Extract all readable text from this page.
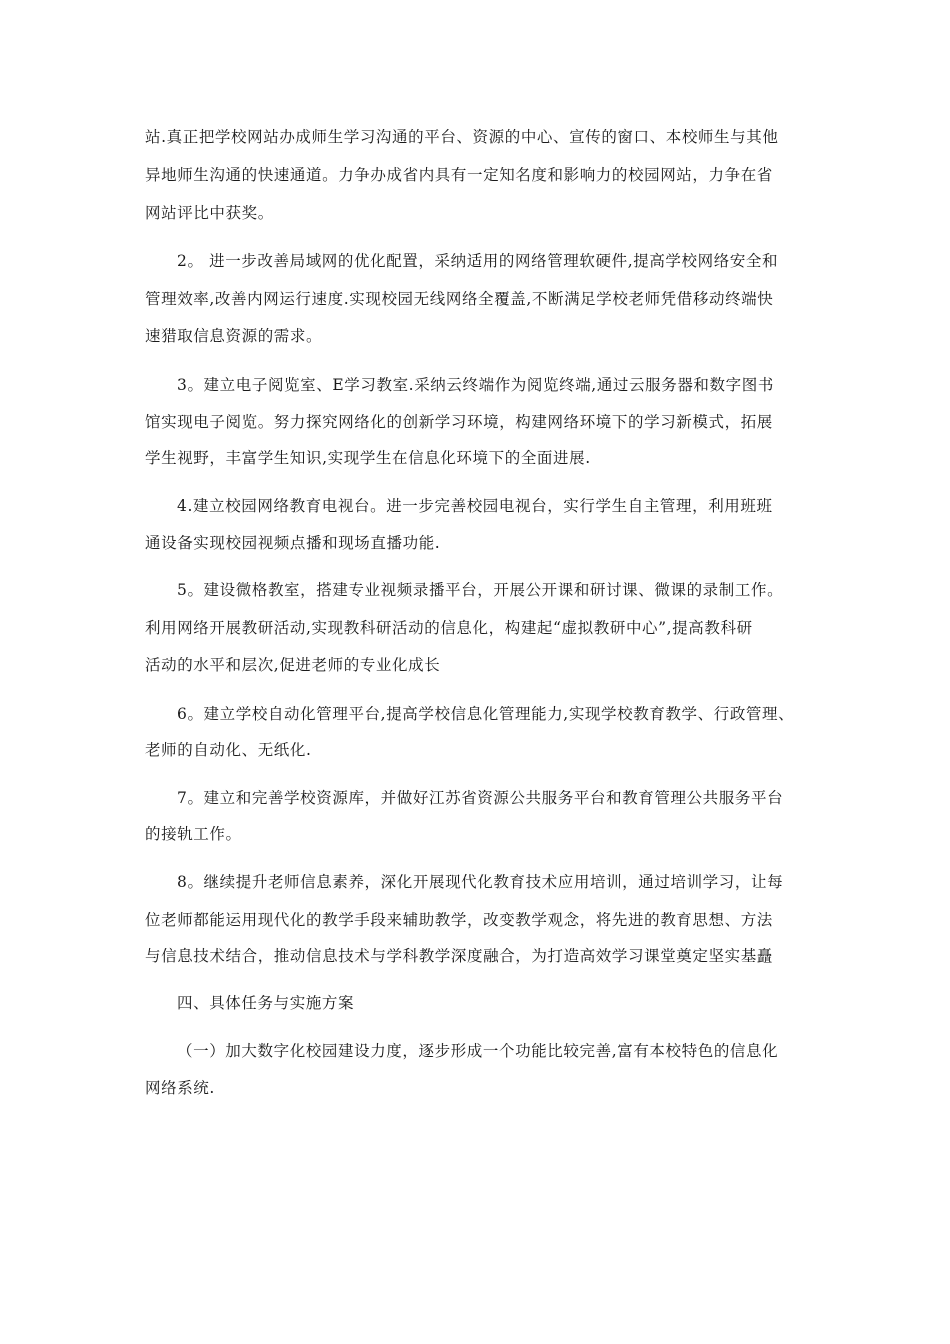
站.真正把学校网站办成师生学习沟通的平台、资源的中心、宣传的窗口、本校师生与其他
异地师生沟通的快速通道。力争办成省内具有一定知名度和影响力的校园网站，力争在省
网站评比中获奖。
2。 进一步改善局域网的优化配置，采纳适用的网络管理软硬件,提高学校网络安全和
管理效率,改善内网运行速度.实现校园无线网络全覆盖,不断满足学校老师凭借移动终端快
速猎取信息资源的需求。
3。建立电子阅览室、E学习教室.采纳云终端作为阅览终端,通过云服务器和数字图书
馆实现电子阅览。努力探究网络化的创新学习环境，构建网络环境下的学习新模式，拓展
学生视野，丰富学生知识,实现学生在信息化环境下的全面进展.
4.建立校园网络教育电视台。进一步完善校园电视台，实行学生自主管理，利用班班
通设备实现校园视频点播和现场直播功能.
5。建设微格教室，搭建专业视频录播平台，开展公开课和研讨课、微课的录制工作。
利用网络开展教研活动,实现教科研活动的信息化，构建起“虚拟教研中心”,提高教科研
活动的水平和层次,促进老师的专业化成长
6。建立学校自动化管理平台,提高学校信息化管理能力,实现学校教育教学、行政管理、
老师的自动化、无纸化.
7。建立和完善学校资源库，并做好江苏省资源公共服务平台和教育管理公共服务平台
的接轨工作。
8。继续提升老师信息素养，深化开展现代化教育技术应用培训，通过培训学习，让每
位老师都能运用现代化的教学手段来辅助教学，改变教学观念，将先进的教育思想、方法
与信息技术结合，推动信息技术与学科教学深度融合，为打造高效学习课堂奠定坚实基矗
四、具体任务与实施方案
（一）加大数字化校园建设力度，逐步形成一个功能比较完善,富有本校特色的信息化
网络系统.
